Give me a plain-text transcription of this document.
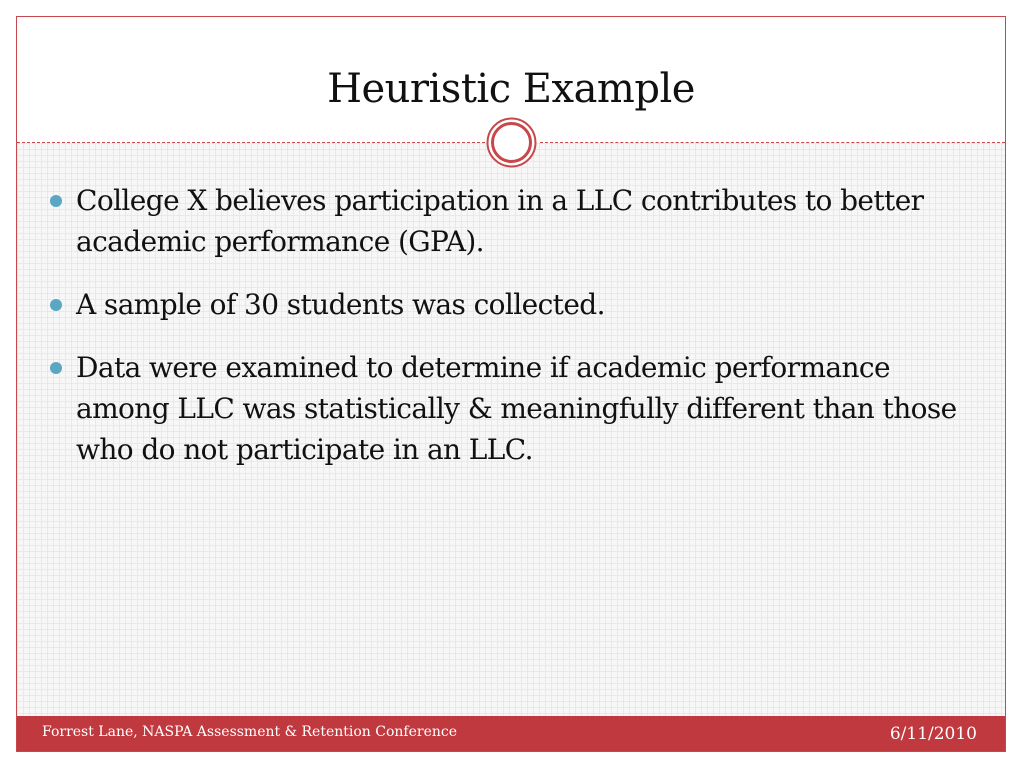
Heuristic Example
College X believes participation in a LLC contributes to better academic performance (GPA).
A sample of 30 students was collected.
Data were examined to determine if academic performance among LLC was statistically & meaningfully different than those who do not participate in an LLC.
Forrest Lane, NASPA Assessment & Retention Conference	6/11/2010
